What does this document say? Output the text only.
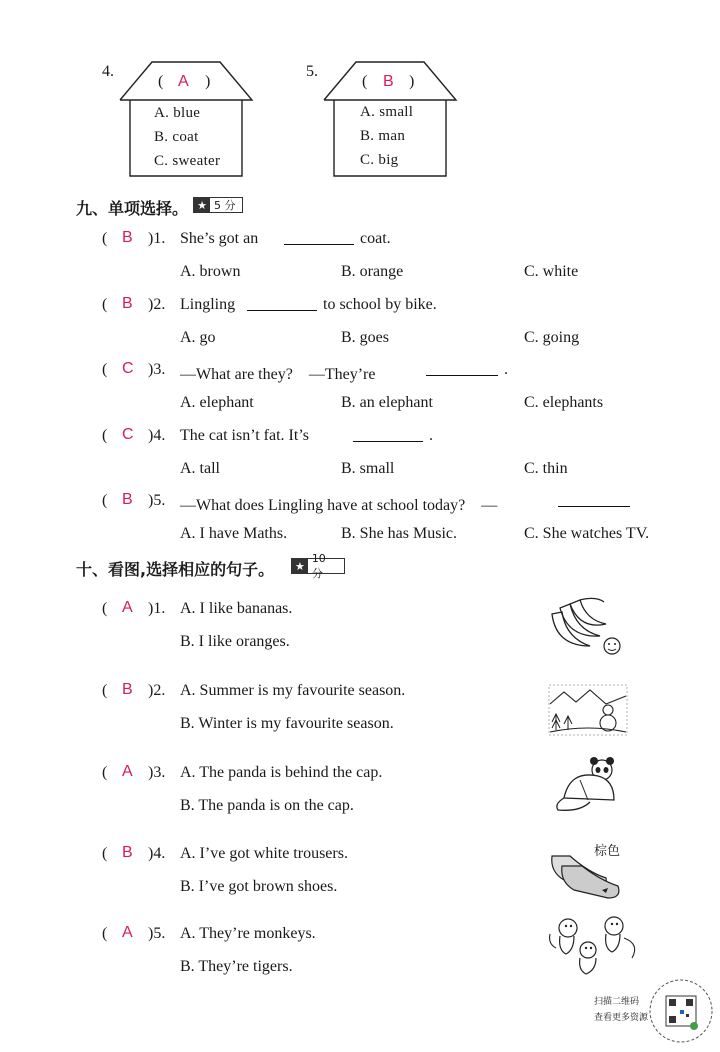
4.
( A )
A. blue
B. coat
C. sweater
5.
( B )
A. small
B. man
C. big
九、单项选择。 ★ 5 分
( B )1. She’s got an	coat.
A. brown	B. orange	C. white
( B )2. Lingling	to school by bike.
A. go	B. goes	C. going
( C )3. —What are they?　—They’re	.
A. elephant	B. an elephant	C. elephants
( C )4. The cat isn’t fat. It’s	.
A. tall	B. small	C. thin
( B )5. —What does Lingling have at school today?　—
A. I have Maths.	B. She has Music.	C. She watches TV.
十、看图,选择相应的句子。 ★
10 分
( A )1. A. I like bananas.
B. I like oranges.
( B )2. A. Summer is my favourite season.
B. Winter is my favourite season.
( A )3. A. The panda is behind the cap.
B. The panda is on the cap.
( B )4. A. I’ve got white trousers.
B. I’ve got brown shoes.
( A )5. A. They’re monkeys.
B. They’re tigers.
棕色
扫描二维码
查看更多资源
